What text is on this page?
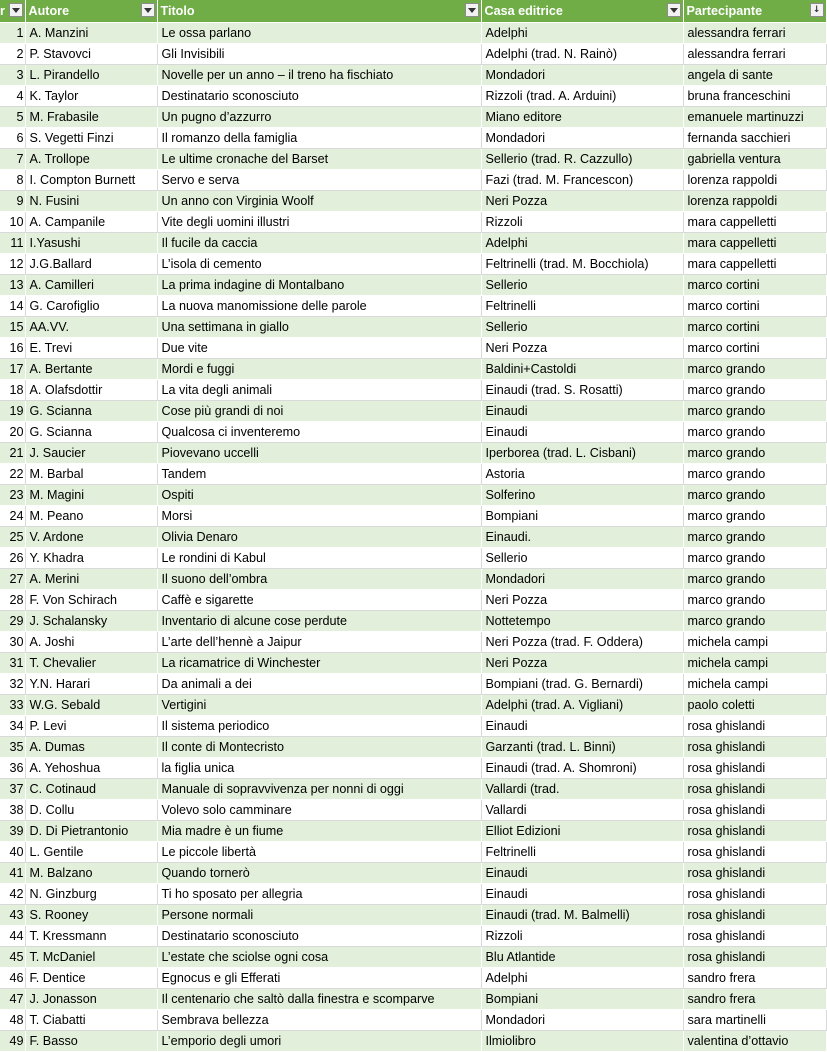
r	Autore	Titolo	Casa editrice	Partecipante ↓

1	A. Manzini	Le ossa parlano	Adelphi	alessandra ferrari
2	P. Stavovci	Gli Invisibili	Adelphi (trad. N. Rainò)	alessandra ferrari
3	L. Pirandello	Novelle per un anno – il treno ha fischiato	Mondadori	angela di sante
4	K. Taylor	Destinatario sconosciuto	Rizzoli (trad. A. Arduini)	bruna franceschini
5	M. Frabasile	Un pugno d’azzurro	Miano editore	emanuele martinuzzi
6	S. Vegetti Finzi	Il romanzo della famiglia	Mondadori	fernanda sacchieri
7	A. Trollope	Le ultime cronache del Barset	Sellerio (trad. R. Cazzullo)	gabriella ventura
8	I. Compton Burnett	Servo e serva	Fazi (trad. M. Francescon)	lorenza rappoldi
9	N. Fusini	Un anno con Virginia Woolf	Neri Pozza	lorenza rappoldi
10	A. Campanile	Vite degli uomini illustri	Rizzoli	mara cappelletti
11	I.Yasushi	Il fucile da caccia	Adelphi	mara cappelletti
12	J.G.Ballard	L’isola di cemento	Feltrinelli (trad. M. Bocchiola)	mara cappelletti
13	A. Camilleri	La prima indagine di Montalbano	Sellerio	marco cortini
14	G. Carofiglio	La nuova manomissione delle parole	Feltrinelli	marco cortini
15	AA.VV.	Una settimana in giallo	Sellerio	marco cortini
16	E. Trevi	Due vite	Neri Pozza	marco cortini
17	A. Bertante	Mordi e fuggi	Baldini+Castoldi	marco grando
18	A. Olafsdottir	La vita degli animali	Einaudi (trad. S. Rosatti)	marco grando
19	G. Scianna	Cose più grandi di noi	Einaudi	marco grando
20	G. Scianna	Qualcosa ci inventeremo	Einaudi	marco grando
21	J. Saucier	Piovevano uccelli	Iperborea (trad. L. Cisbani)	marco grando
22	M. Barbal	Tandem	Astoria	marco grando
23	M. Magini	Ospiti	Solferino	marco grando
24	M. Peano	Morsi	Bompiani	marco grando
25	V. Ardone	Olivia Denaro	Einaudi.	marco grando
26	Y. Khadra	Le rondini di Kabul	Sellerio	marco grando
27	A. Merini	Il suono dell’ombra	Mondadori	marco grando
28	F. Von Schirach	Caffè e sigarette	Neri Pozza	marco grando
29	J. Schalansky	Inventario di alcune cose perdute	Nottetempo	marco grando
30	A. Joshi	L’arte dell’hennè a Jaipur	Neri Pozza (trad. F. Oddera)	michela campi
31	T. Chevalier	La ricamatrice di Winchester	Neri Pozza	michela campi
32	Y.N. Harari	Da animali a dei	Bompiani (trad. G. Bernardi)	michela campi
33	W.G. Sebald	Vertigini	Adelphi (trad. A. Vigliani)	paolo coletti
34	P. Levi	Il sistema periodico	Einaudi	rosa ghislandi
35	A. Dumas	Il conte di Montecristo	Garzanti (trad. L. Binni)	rosa ghislandi
36	A. Yehoshua	la figlia unica	Einaudi (trad. A. Shomroni)	rosa ghislandi
37	C. Cotinaud	Manuale di sopravvivenza per nonni di oggi	Vallardi (trad.	rosa ghislandi
38	D. Collu	Volevo solo camminare	Vallardi	rosa ghislandi
39	D. Di Pietrantonio	Mia madre è un fiume	Elliot Edizioni	rosa ghislandi
40	L. Gentile	Le piccole libertà	Feltrinelli	rosa ghislandi
41	M. Balzano	Quando tornerò	Einaudi	rosa ghislandi
42	N. Ginzburg	Ti ho sposato per allegria	Einaudi	rosa ghislandi
43	S. Rooney	Persone normali	Einaudi (trad. M. Balmelli)	rosa ghislandi
44	T. Kressmann	Destinatario sconosciuto	Rizzoli	rosa ghislandi
45	T. McDaniel	L’estate che sciolse ogni cosa	Blu Atlantide	rosa ghislandi
46	F. Dentice	Egnocus e gli Efferati	Adelphi	sandro frera
47	J. Jonasson	Il centenario che saltò dalla finestra e scomparve	Bompiani	sandro frera
48	T. Ciabatti	Sembrava bellezza	Mondadori	sara martinelli
49	F. Basso	L’emporio degli umori	Ilmiolibro	valentina d’ottavio
